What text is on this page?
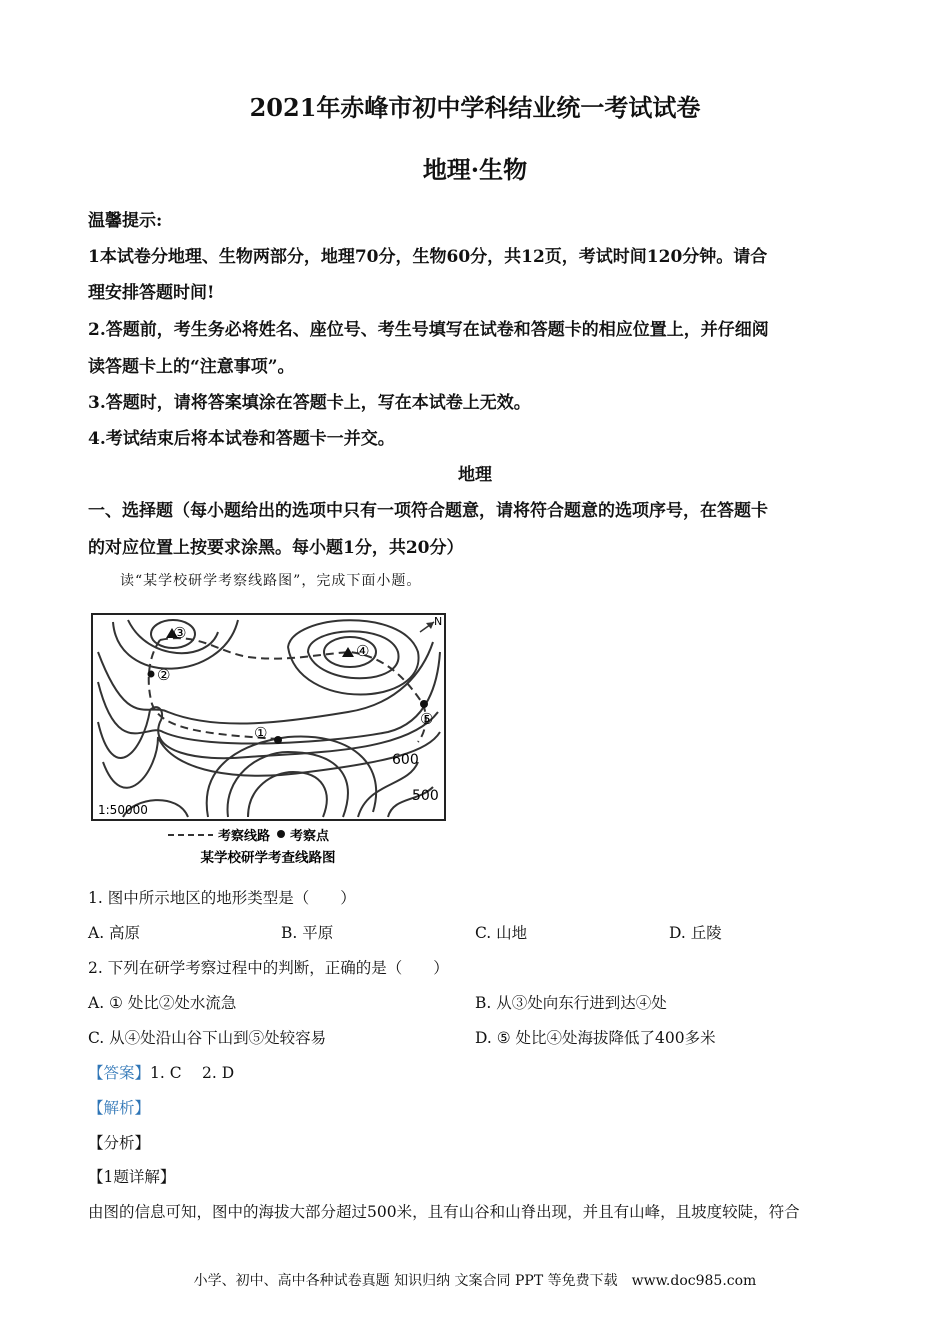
2021年赤峰市初中学科结业统一考试试卷
地理·生物
温馨提示:
1本试卷分地理、生物两部分，地理70分，生物60分，共12页，考试时间120分钟。请合
理安排答题时间!
2.答题前，考生务必将姓名、座位号、考生号填写在试卷和答题卡的相应位置上，并仔细阅
读答题卡上的“注意事项”。
3.答题时，请将答案填涂在答题卡上，写在本试卷上无效。
4.考试结束后将本试卷和答题卡一并交。
地理
一、选择题（每小题给出的选项中只有一项符合题意，请将符合题意的选项序号，在答题卡
的对应位置上按要求涂黑。每小题1分，共20分）
读“某学校研学考察线路图”，完成下面小题。
③
②
①
④
⑤
600
500
1:50000
N
考察线路 考察点
某学校研学考查线路图
1. 图中所示地区的地形类型是（　　）
A. 高原	B. 平原	C. 山地	D. 丘陵
2. 下列在研学考察过程中的判断，正确的是（　　）
A. ① 处比②处水流急	B. 从③处向东行进到达④处
C. 从④处沿山谷下山到⑤处较容易	D. ⑤ 处比④处海拔降低了400多米
【答案】1. C　 2. D
【解析】
【分析】
【1题详解】
由图的信息可知，图中的海拔大部分超过500米，且有山谷和山脊出现，并且有山峰，且坡度较陡，符合
小学、初中、高中各种试卷真题 知识归纳 文案合同 PPT 等免费下载　www.doc985.com
